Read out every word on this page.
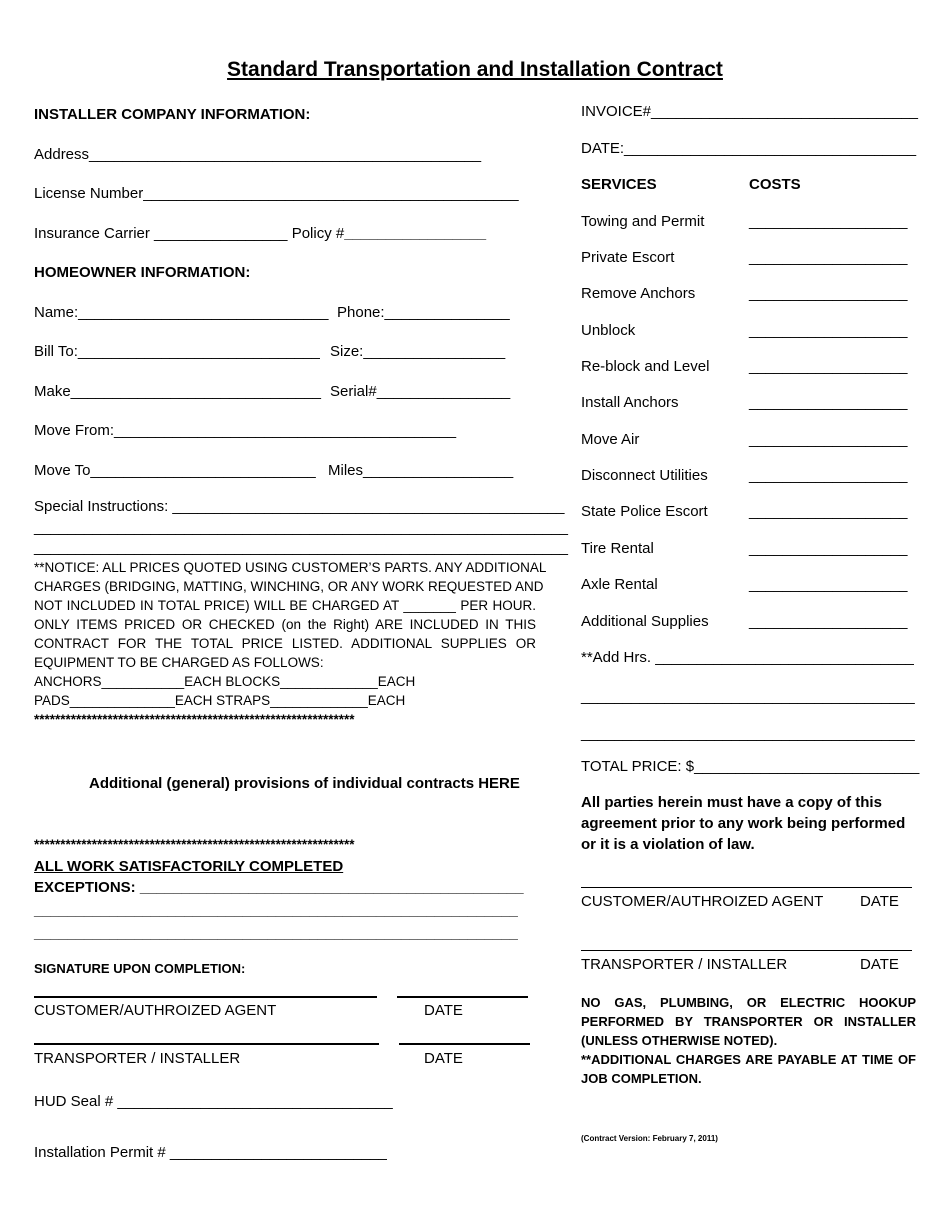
Standard Transportation and Installation Contract
INSTALLER COMPANY INFORMATION:
Address_______________________________________________
License Number_____________________________________________
Insurance Carrier ________________ Policy #_________________
HOMEOWNER INFORMATION:
Name:______________________________ Phone:_______________
Bill To:_____________________________ Size:_________________
Make______________________________ Serial#________________
Move From:_________________________________________
Move To___________________________ Miles__________________
Special Instructions: _______________________________________________
________________________________________________________________
________________________________________________________________
**NOTICE: ALL PRICES QUOTED USING CUSTOMER’S PARTS. ANY ADDITIONAL
CHARGES (BRIDGING, MATTING, WINCHING, OR ANY WORK REQUESTED AND
NOT INCLUDED IN TOTAL PRICE) WILL BE CHARGED AT _______ PER HOUR.
ONLY ITEMS PRICED OR CHECKED (on the Right) ARE INCLUDED IN THIS
CONTRACT FOR THE TOTAL PRICE LISTED. ADDITIONAL SUPPLIES OR
EQUIPMENT TO BE CHARGED AS FOLLOWS:
ANCHORS___________EACH BLOCKS_____________EACH
PADS______________EACH STRAPS_____________EACH
*************************************************************
Additional (general) provisions of individual contracts HERE
*************************************************************
ALL WORK SATISFACTORILY COMPLETED
EXCEPTIONS: ______________________________________________
__________________________________________________________
__________________________________________________________
SIGNATURE UPON COMPLETION:
CUSTOMER/AUTHROIZED AGENT	DATE
TRANSPORTER / INSTALLER	DATE
HUD Seal # _________________________________
Installation Permit # __________________________
INVOICE#________________________________
DATE:___________________________________
SERVICES	COSTS
Towing and Permit	___________________
Private Escort	___________________
Remove Anchors	___________________
Unblock	___________________
Re-block and Level	___________________
Install Anchors	___________________
Move Air	___________________
Disconnect Utilities	___________________
State Police Escort	___________________
Tire Rental	___________________
Axle Rental	___________________
Additional Supplies	___________________
**Add Hrs. _______________________________
________________________________________
________________________________________
TOTAL PRICE: $___________________________
All parties herein must have a copy of this
agreement prior to any work being performed
or it is a violation of law.
CUSTOMER/AUTHROIZED AGENT DATE
TRANSPORTER / INSTALLER	DATE
NO GAS, PLUMBING, OR ELECTRIC HOOKUP
PERFORMED BY TRANSPORTER OR INSTALLER
(UNLESS OTHERWISE NOTED).
**ADDITIONAL CHARGES ARE PAYABLE AT TIME OF
JOB COMPLETION.
(Contract Version: February 7, 2011)
